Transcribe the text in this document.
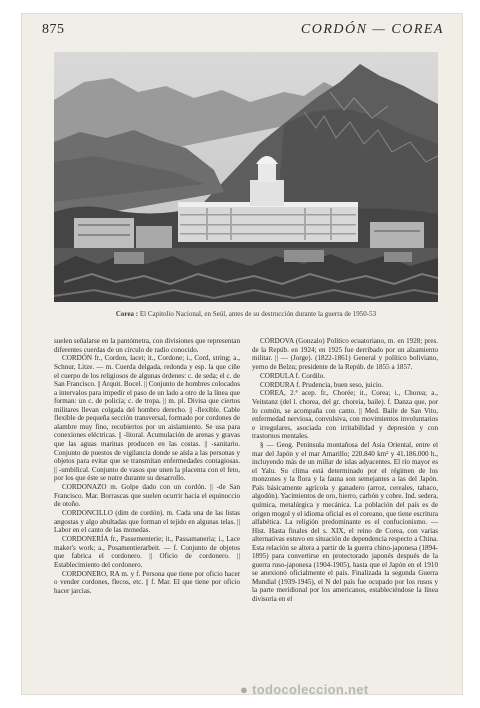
875	CORDÓN — COREA
Corea : El Capitolio Nacional, en Seúl, antes de su destrucción durante la guerra de 1950-53

suelen señalarse en la pantómetra, con divisiones que representan diferentes cuerdas de un círculo de radio conocido.

CORDÓN fr., Cordon, lacet; it., Cordone; i., Cord, string; a., Schnur, Litze. — m. Cuerda delgada, redonda y esp. la que ciñe el cuerpo de los religiosos de algunas órdenes: c. de seda; el c. de San Francisco. || Arquit. Bocel. || Conjunto de hombres colocados a intervalos para impedir el paso de un lado a otro de la línea que forman: un c. de policía; c. de tropa. || m. pl. Divisa que ciertos militares llevan colgada del hombro derecho. || -flexible. Cable flexible de pequeña sección transversal, formado por cordones de alambre muy fino, recubiertos por un aislamiento. Se usa para conexiones eléctricas. || -litoral. Acumulación de arenas y gravas que las aguas marinas producen en las costas. || -sanitario. Conjunto de puestos de vigilancia donde se aísla a las personas y objetos para evitar que se transmitan enfermedades contagiosas. || -umbilical. Conjunto de vasos que unen la placenta con el feto, por los que éste se nutre durante su desarrollo.

CORDONAZO m. Golpe dado con un cordón. || -de San Francisco. Mar. Borrascas que suelen ocurrir hacia el equinoccio de otoño.

CORDONCILLO (dim de cordón). m. Cada una de las listas angostas y algo abultadas que forman el tejido en algunas telas. || Labor en el canto de las monedas.

CORDONERÍA fr., Passementerie; it., Passamaneria; i., Lace maker's work; a., Posamentierarbeit. — f. Conjunto de objetos que fabrica el cordonero. || Oficio de cordonero. || Establecimiento del cordonero.

CORDONERO, RA m. y f. Persona que tiene por oficio hacer o vender cordones, flecos, etc. || f. Mar. El que tiene por oficio hacer jarcias.

CÓRDOVA (Gonzalo) Político ecuatoriano, m. en 1928; pres. de la Repúb. en 1924; en 1925 fue derribado por un alzamiento militar. || — (Jorge). (1822-1861) General y político boliviano, yerno de Belzu; presidente de la Repúb. de 1855 a 1857.

CORDULA f. Cordilo.

CORDURA f. Prudencia, buen seso, juicio.

COREA, 2.ª acep. fr., Chorée; it., Corea; i., Chorea; a., Veitstanz (del l. chorea, del gr. choreia, baile). f. Danza que, por lo común, se acompaña con canto. || Med. Baile de San Vito, enfermedad nerviosa, convulsiva, con movimientos involuntarios e irregulares, asociada con irritabilidad y depresión y con trastornos mentales.

§ — Geog. Península montañosa del Asia Oriental, entre el mar del Japón y el mar Amarillo; 220.840 km² y 41.186.000 h., incluyendo más de un millar de islas adyacentes. El río mayor es el Yalu. Su clima está determinado por el régimen de los monzones y la flora y la fauna son semejantes a las del Japón. País básicamente agrícola y ganadero (arroz, cereales, tabaco, algodón). Yacimientos de oro, hierro, carbón y cobre. Ind. sedera, química, metalúrgica y mecánica. La población del país es de origen mogol y el idioma oficial es el coreano, que tiene escritura alfabética. La religión predominante es el confucionismo. — Hist. Hasta finales del s. XIX, el reino de Corea, con varias alternativas estuvo en situación de dependencia respecto a China. Esta relación se altera a partir de la guerra chino-japonesa (1894-1895) para convertirse en protectorado japonés después de la guerra ruso-japonesa (1904-1905), hasta que el Japón en el 1910 se anexionó oficialmente el país. Finalizada la segunda Guerra Mundial (1939-1945), el N del país fue ocupado por los rusos y la parte meridional por los americanos, estableciéndose la línea divisoria en el

● todocoleccion.net
